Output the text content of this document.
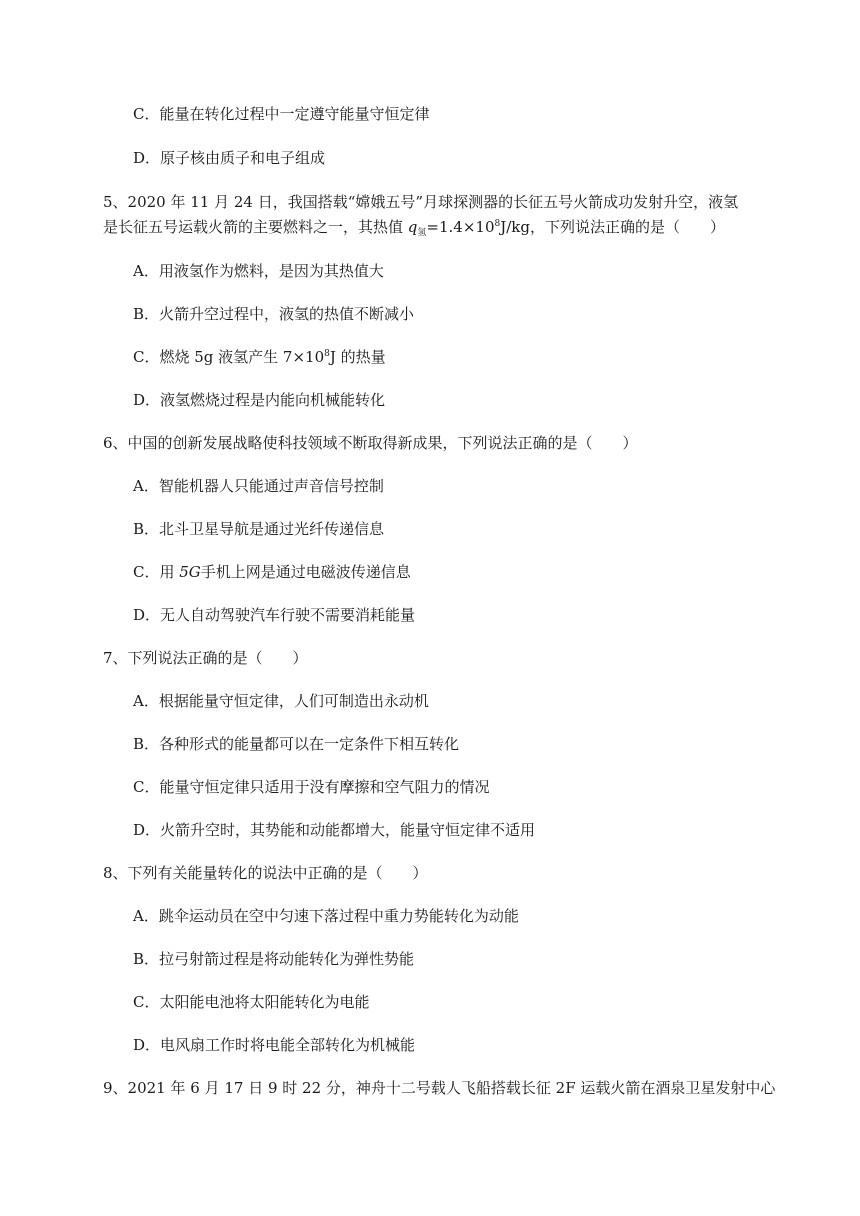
C．能量在转化过程中一定遵守能量守恒定律
D．原子核由质子和电子组成
5、2020 年 11 月 24 日，我国搭载“嫦娥五号”月球探测器的长征五号火箭成功发射升空，液氢
是长征五号运载火箭的主要燃料之一，其热值 $q_氢=1.4\times 10^8J/kg$，下列说法正确的是（　　）
A．用液氢作为燃料，是因为其热值大
B．火箭升空过程中，液氢的热值不断减小
C．燃烧 5g 液氢产生 $7\times 10^8J$ 的热量
D．液氢燃烧过程是内能向机械能转化
6、中国的创新发展战略使科技领域不断取得新成果，下列说法正确的是（　　）
A．智能机器人只能通过声音信号控制
B．北斗卫星导航是通过光纤传递信息
C．用 5G手机上网是通过电磁波传递信息
D．无人自动驾驶汽车行驶不需要消耗能量
7、下列说法正确的是（　　）
A．根据能量守恒定律，人们可制造出永动机
B．各种形式的能量都可以在一定条件下相互转化
C．能量守恒定律只适用于没有摩擦和空气阻力的情况
D．火箭升空时，其势能和动能都增大，能量守恒定律不适用
8、下列有关能量转化的说法中正确的是（　　）
A．跳伞运动员在空中匀速下落过程中重力势能转化为动能
B．拉弓射箭过程是将动能转化为弹性势能
C．太阳能电池将太阳能转化为电能
D．电风扇工作时将电能全部转化为机械能
9、2021 年 6 月 17 日 9 时 22 分，神舟十二号载人飞船搭载长征 2F 运载火箭在酒泉卫星发射中心
